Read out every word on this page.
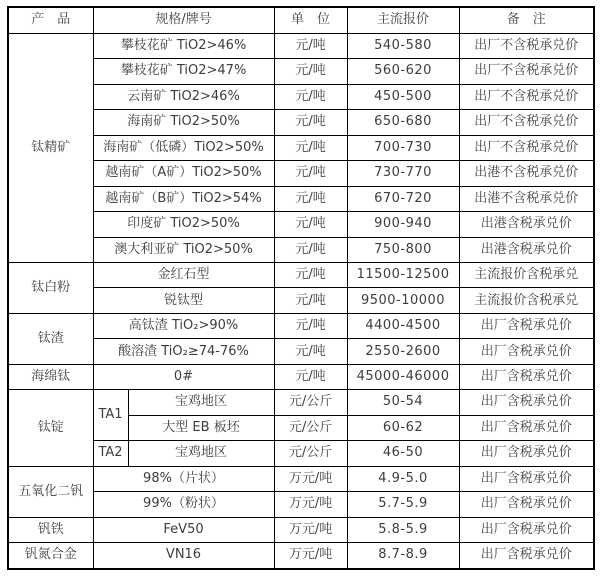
产　品	规格/牌号		单　位	主流报价	备　注
钛精矿	攀枝花矿 TiO2>46%		元/吨	540-580	出厂不含税承兑价
	攀枝花矿 TiO2>47%		元/吨	560-620	出厂不含税承兑价
	云南矿 TiO2>46%		元/吨	450-500	出厂不含税承兑价
	海南矿 TiO2>50%		元/吨	650-680	出厂不含税承兑价
	海南矿（低磷）TiO2>50%		元/吨	700-730	出厂不含税承兑价
	越南矿（A矿）TiO2>50%		元/吨	730-770	出港不含税承兑价
	越南矿（B矿）TiO2>54%		元/吨	670-720	出港不含税承兑价
	印度矿 TiO2>50%		元/吨	900-940	出港含税承兑价
	澳大利亚矿 TiO2>50%		元/吨	750-800	出港含税承兑价
钛白粉	金红石型		元/吨	11500-12500	主流报价含税承兑
	锐钛型		元/吨	9500-10000	主流报价含税承兑
钛渣	高钛渣 TiO₂>90%		元/吨	4400-4500	出厂含税承兑价
	酸溶渣 TiO₂≥74-76%		元/吨	2550-2600	出厂含税承兑价
海绵钛	0#		元/吨	45000-46000	出厂含税承兑价
钛锭	TA1	宝鸡地区	元/公斤	50-54	出厂含税承兑价
		大型 EB 板坯	元/公斤	60-62	出厂含税承兑价
	TA2	宝鸡地区	元/公斤	46-50	出厂含税承兑价
五氧化二钒	98%（片状）		万元/吨	4.9-5.0	出厂含税承兑价
	99%（粉状）		万元/吨	5.7-5.9	出厂含税承兑价
钒铁	FeV50		万元/吨	5.8-5.9	出厂含税承兑价
钒氮合金	VN16		万元/吨	8.7-8.9	出厂含税承兑价
